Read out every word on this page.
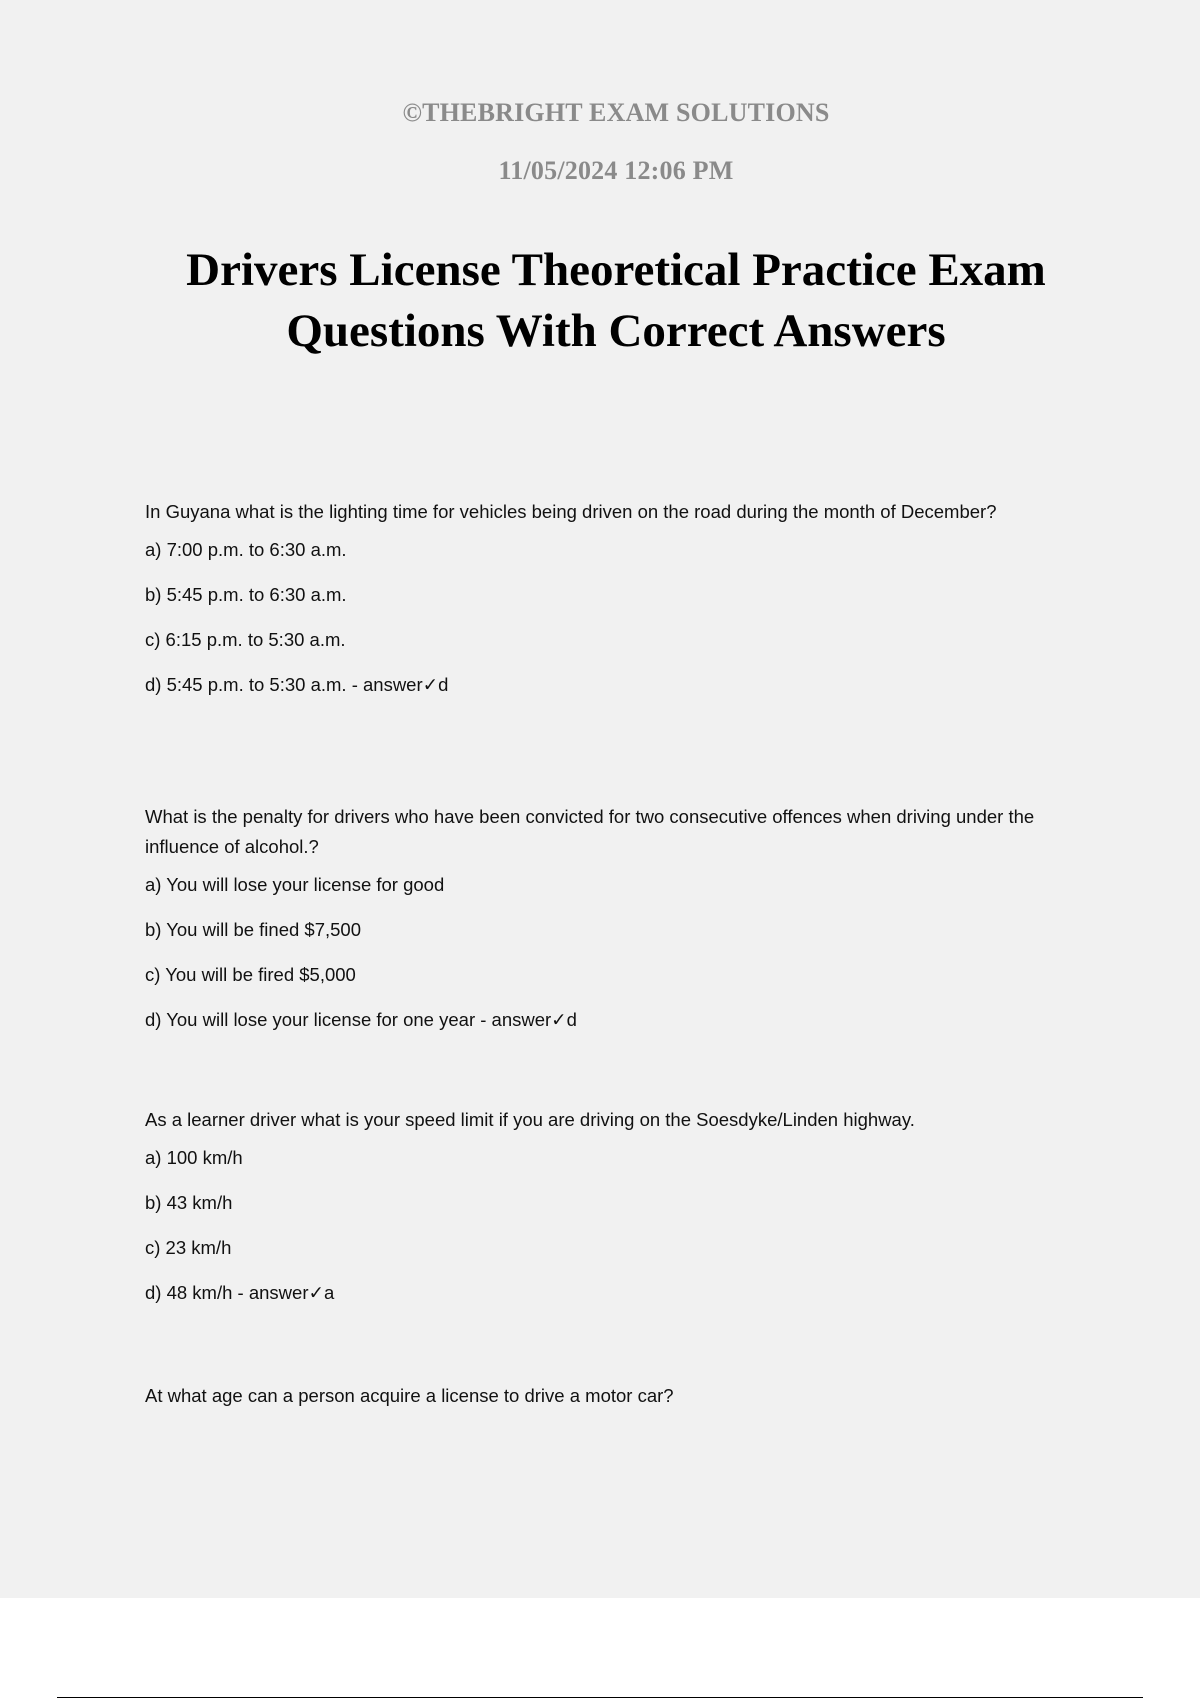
©THEBRIGHT EXAM SOLUTIONS
11/05/2024 12:06 PM
Drivers License Theoretical Practice Exam
Questions With Correct Answers

In Guyana what is the lighting time for vehicles being driven on the road during the month of December?

a) 7:00 p.m. to 6:30 a.m.
b) 5:45 p.m. to 6:30 a.m.
c) 6:15 p.m. to 5:30 a.m.
d) 5:45 p.m. to 5:30 a.m. - answer✓d

What is the penalty for drivers who have been convicted for two consecutive offences when driving under the influence of alcohol.?

a) You will lose your license for good
b) You will be fined $7,500
c) You will be fired $5,000
d) You will lose your license for one year - answer✓d

As a learner driver what is your speed limit if you are driving on the Soesdyke/Linden highway.

a) 100 km/h
b) 43 km/h
c) 23 km/h
d) 48 km/h - answer✓a

At what age can a person acquire a license to drive a motor car?
